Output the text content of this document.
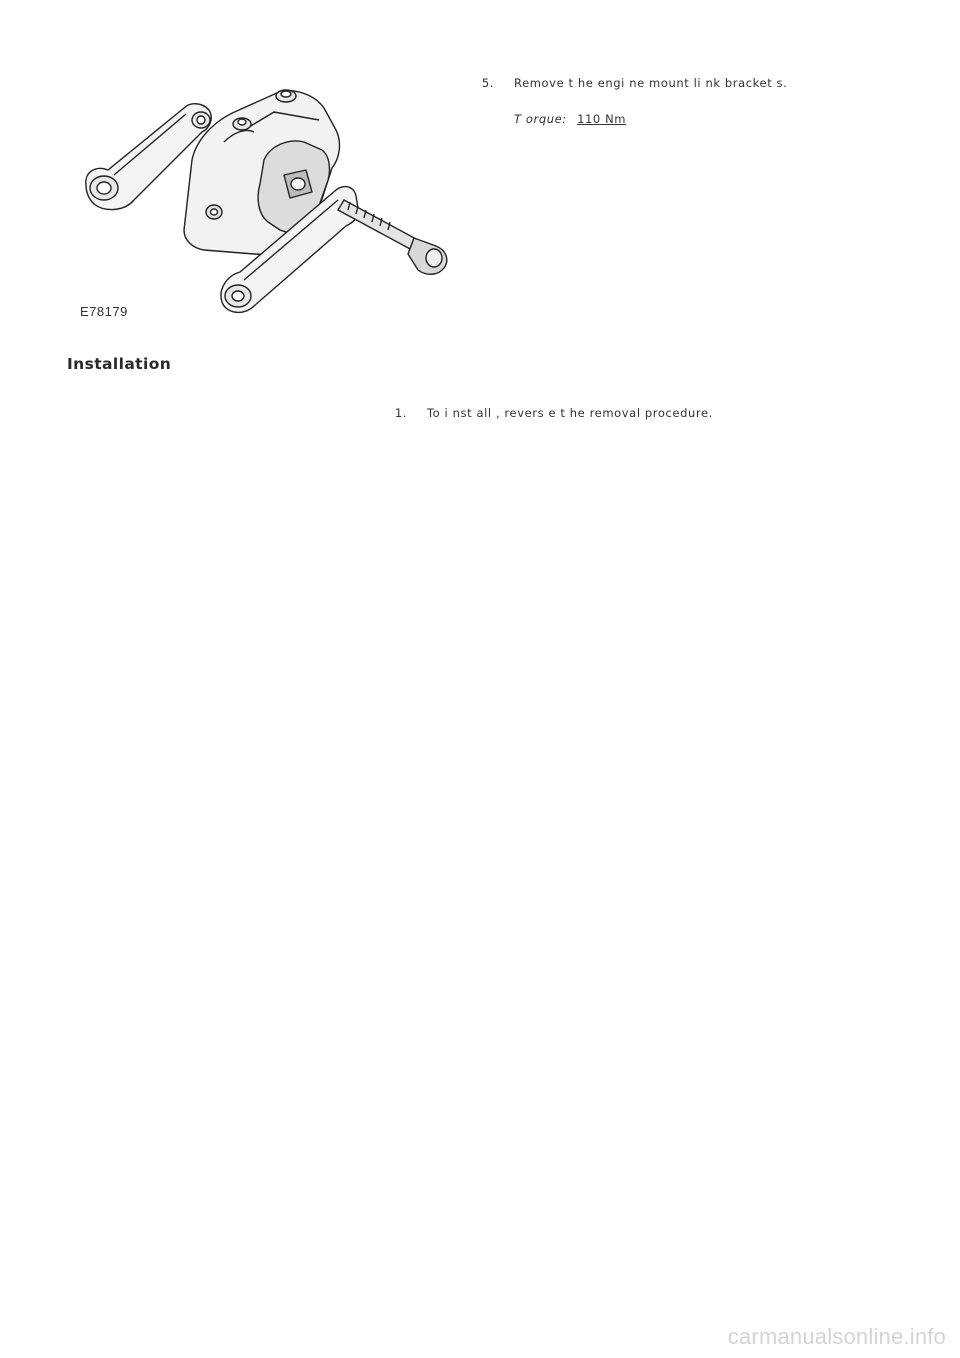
E78179
5. Remove t he engi ne mount li nk bracket s.
T orque: 110 Nm
Installation
1. To i nst all , revers e t he removal procedure.
carmanualsonline.info
